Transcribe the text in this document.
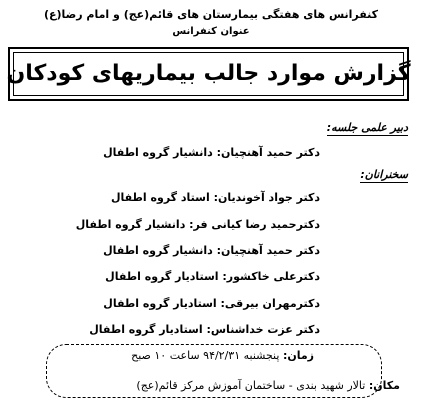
کنفرانس های هفتگی بیمارستان های قائم(عج) و امام رضا(ع)
عنوان کنفرانس
گزارش موارد جالب بیماریهای کودکان
دبیر علمی جلسه:
دکتر حمید آهنچیان: دانشیار گروه اطفال
سخنرانان:
دکتر جواد آخوندیان: استاد گروه اطفال
دکترحمید رضا کیانی فر: دانشیار گروه اطفال
دکتر حمید آهنچیان: دانشیار گروه اطفال
دکترعلی خاکشور: استادیار گروه اطفال
دکترمهران بیرقی: استادیار گروه اطفال
دکتر عزت خداشناس: استادیار گروه اطفال
زمان: پنجشنبه ۹۴/۲/۳۱ ساعت ۱۰ صبح
مکان: تالار شهید بندی - ساختمان آموزش مرکز قائم(عج)
